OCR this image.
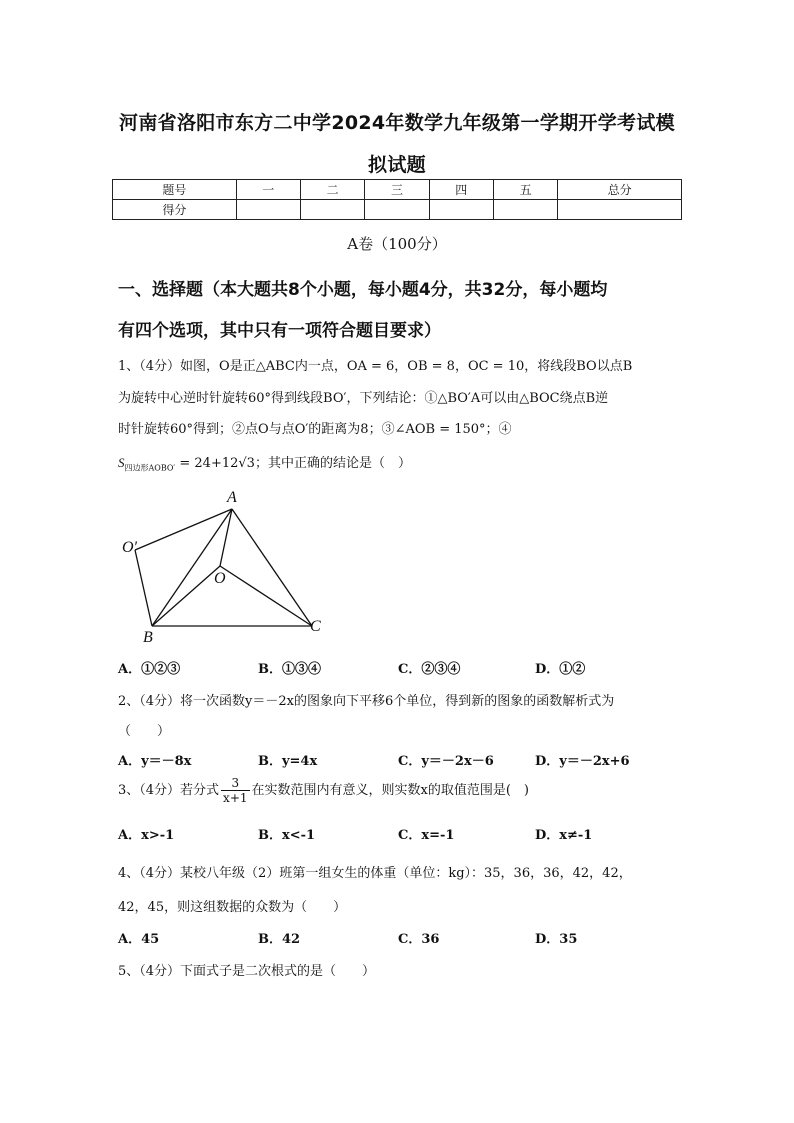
河南省洛阳市东方二中学2024年数学九年级第一学期开学考试模
拟试题
题号	一	二	三	四	五	总分
得分						
A卷（100分）
一、选择题（本大题共8个小题，每小题4分，共32分，每小题均
有四个选项，其中只有一项符合题目要求）
1、（4分）如图，O是正△ABC内一点，OA = 6，OB = 8，OC = 10，将线段BO以点B
为旋转中心逆时针旋转60°得到线段BO′，下列结论：①△BO′A可以由△BOC绕点B逆
时针旋转60°得到；②点O与点O′的距离为8；③∠AOB = 150°；④
$S_{四边形AOBO'} = 24+12√3$；其中正确的结论是（　）
A
B
C
O
O′
A．①②③	B．①③④	C．②③④	D．①②
2、（4分）将一次函数y＝－2x的图象向下平移6个单位，得到新的图象的函数解析式为
（　　）
A．y＝－8x	B．y=4x	C．y＝－2x－6	D．y＝－2x+6
3、（4分）若分式 $\frac{3}{x+1}$ 在实数范围内有意义，则实数x的取值范围是(　)
A．x>-1	B．x<-1	C．x=-1	D．x≠-1
4、（4分）某校八年级（2）班第一组女生的体重（单位：kg）：35，36，36，42，42，
42，45，则这组数据的众数为（　　）
A．45	B．42	C．36	D．35
5、（4分）下面式子是二次根式的是（　　）
